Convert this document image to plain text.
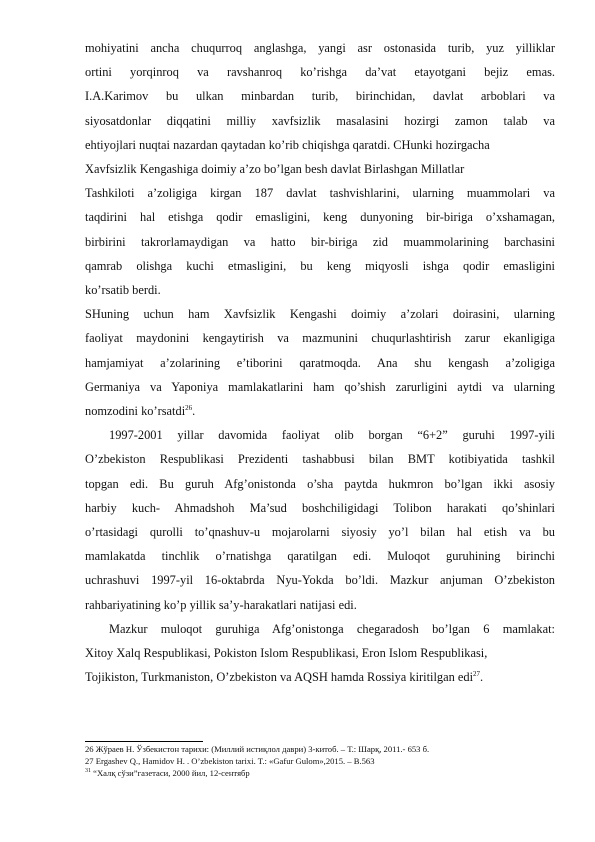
mohiyatini ancha chuqurroq anglashga, yangi asr ostonasida turib, yuz yilliklar
ortini yorqinroq va ravshanroq ko’rishga da’vat etayotgani bejiz emas.
I.A.Karimov bu ulkan minbardan turib, birinchidan, davlat arboblari va
siyosatdonlar diqqatini milliy xavfsizlik masalasini hozirgi zamon talab va
ehtiyojlari nuqtai nazardan qaytadan ko’rib chiqishga qaratdi. CHunki hozirgacha
Xavfsizlik Kengashiga doimiy a’zo bo’lgan besh davlat Birlashgan Millatlar

Tashkiloti a’zoligiga kirgan 187 davlat tashvishlarini, ularning muammolari va
taqdirini hal etishga qodir emasligini, keng dunyoning bir-biriga o’xshamagan,
birbirini takrorlamaydigan va hatto bir-biriga zid muammolarining barchasini
qamrab olishga kuchi etmasligini, bu keng miqyosli ishga qodir emasligini
ko’rsatib berdi.

SHuning uchun ham Xavfsizlik Kengashi doimiy a’zolari doirasini, ularning
faoliyat maydonini kengaytirish va mazmunini chuqurlashtirish zarur ekanligiga
hamjamiyat a’zolarining e’tiborini qaratmoqda. Ana shu kengash a’zoligiga
Germaniya va Yaponiya mamlakatlarini ham qo’shish zarurligini aytdi va ularning
nomzodini ko’rsatdi$^{26}$.

1997-2001 yillar davomida faoliyat olib borgan “6+2” guruhi 1997-yili
O’zbekiston Respublikasi Prezidenti tashabbusi bilan BMT kotibiyatida tashkil
topgan edi. Bu guruh Afg’onistonda o’sha paytda hukmron bo’lgan ikki asosiy
harbiy kuch- Ahmadshoh Ma’sud boshchiligidagi Tolibon harakati qo’shinlari
o’rtasidagi qurolli to’qnashuv-u mojarolarni siyosiy yo’l bilan hal etish va bu
mamlakatda tinchlik o’rnatishga qaratilgan edi. Muloqot guruhining birinchi
uchrashuvi 1997-yil 16-oktabrda Nyu-Yokda bo’ldi. Mazkur anjuman O’zbekiston
rahbariyatining ko’p yillik sa’y-harakatlari natijasi edi.

Mazkur muloqot guruhiga Afg’onistonga chegaradosh bo’lgan 6 mamlakat:
Xitoy Xalq Respublikasi, Pokiston Islom Respublikasi, Eron Islom Respublikasi,
Tojikiston, Turkmaniston, O’zbekiston va AQSH hamda Rossiya kiritilgan edi$^{27}$.

26 Жўраев Н. Ўзбекистон тарихи: (Миллий истиқлол даври) 3-китоб. – Т.: Шарқ, 2011.- 653 б.
27 Ergashev Q., Hamidov H. . O’zbekiston tarixi. T.: «Gafur Gulom»,2015. – B.563
$^{31}$ “Халқ сўзи”газетаси, 2000 йил, 12-сентябр
